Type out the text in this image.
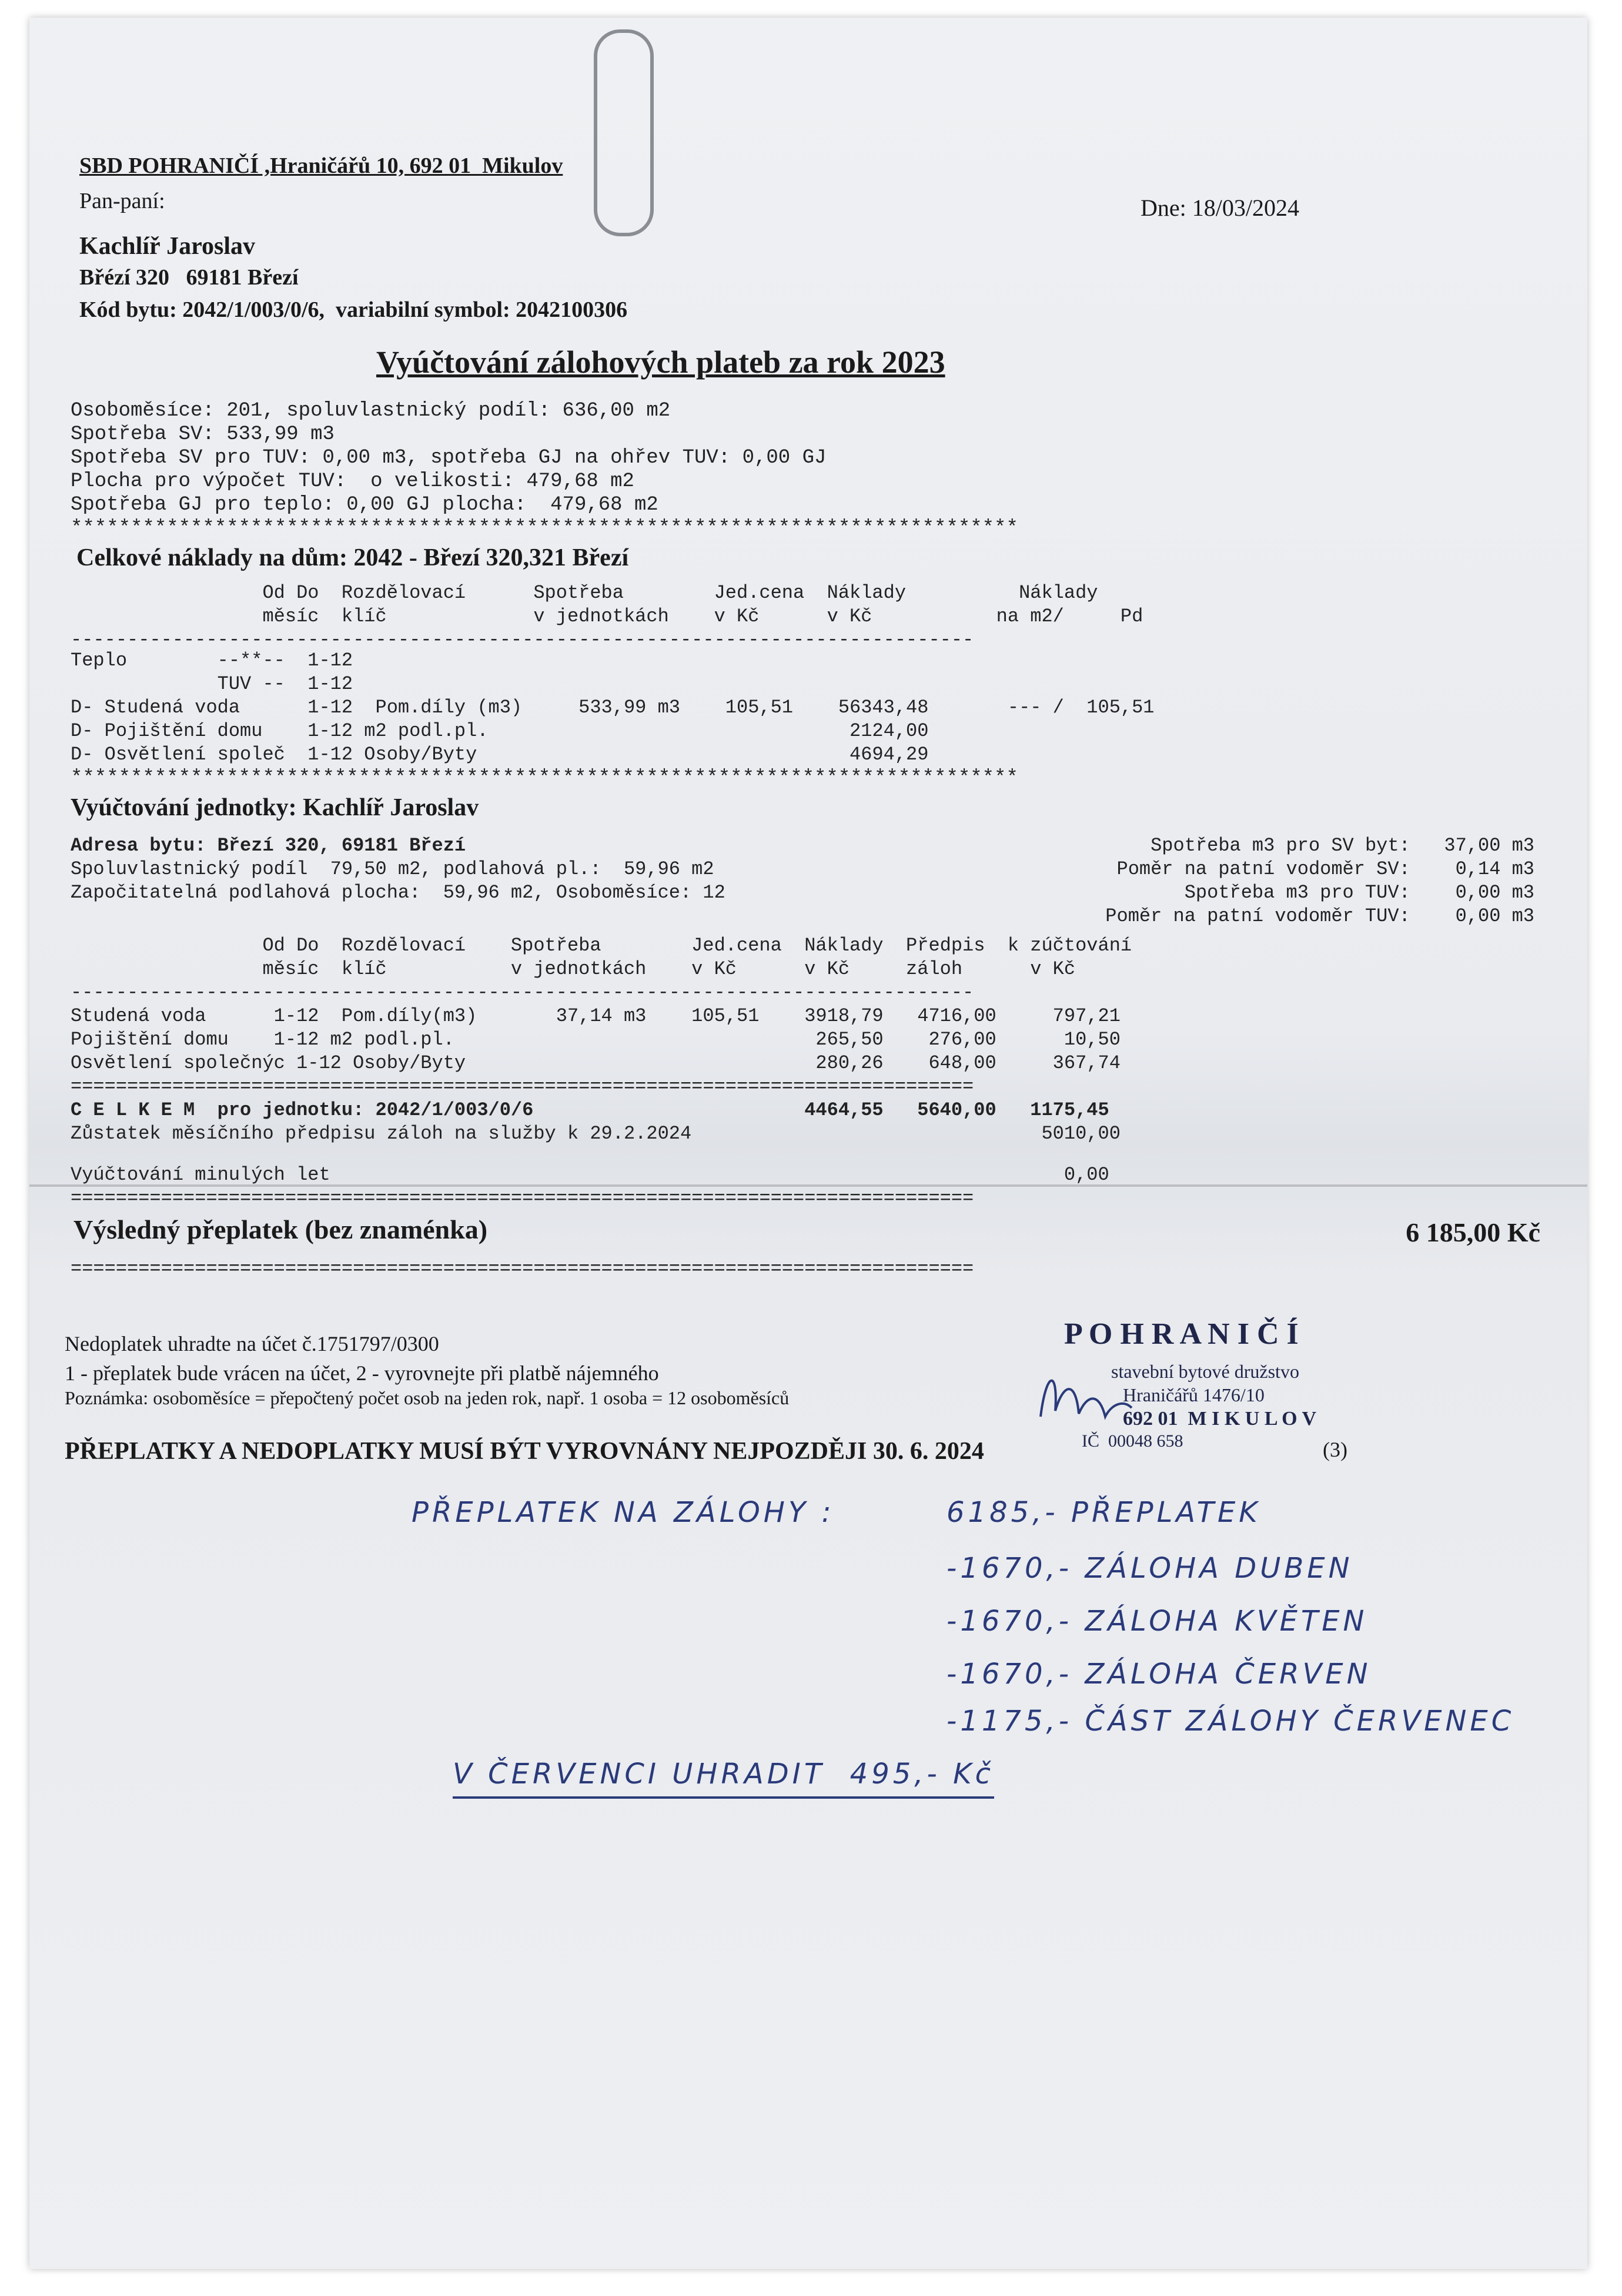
SBD POHRANIČÍ ,Hraničářů 10, 692 01  Mikulov
Pan-paní:
Kachlíř Jaroslav
Břézí 320   69181 Březí
Kód bytu: 2042/1/003/0/6,  variabilní symbol: 2042100306
Dne: 18/03/2024
Vyúčtování zálohových plateb za rok 2023
Osoboměsíce: 201, spoluvlastnický podíl: 636,00 m2
Spotřeba SV: 533,99 m3
Spotřeba SV pro TUV: 0,00 m3, spotřeba GJ na ohřev TUV: 0,00 GJ
Plocha pro výpočet TUV:  o velikosti: 479,68 m2
Spotřeba GJ pro teplo: 0,00 GJ plocha:  479,68 m2
*******************************************************************************
Celkové náklady na dům: 2042 - Březí 320,321 Březí
Od Do  Rozdělovací      Spotřeba        Jed.cena  Náklady          Náklady
měsíc  klíč             v jednotkách    v Kč      v Kč           na m2/     Pd
--------------------------------------------------------------------------------
Teplo        --**--  1-12
TUV --  1-12
D- Studená voda      1-12  Pom.díly (m3)     533,99 m3    105,51    56343,48       --- /  105,51
D- Pojištění domu    1-12 m2 podl.pl.                                2124,00
D- Osvětlení společ  1-12 Osoby/Byty                                 4694,29
*******************************************************************************
Vyúčtování jednotky: Kachlíř Jaroslav
Adresa bytu: Březí 320, 69181 Březí
Spoluvlastnický podíl  79,50 m2, podlahová pl.:  59,96 m2
Započitatelná podlahová plocha:  59,96 m2, Osoboměsíce: 12
Spotřeba m3 pro SV byt:   37,00 m3
Poměr na patní vodoměr SV:    0,14 m3
Spotřeba m3 pro TUV:    0,00 m3
Poměr na patní vodoměr TUV:    0,00 m3
Od Do  Rozdělovací    Spotřeba        Jed.cena  Náklady  Předpis  k zúčtování
měsíc  klíč           v jednotkách    v Kč      v Kč     záloh      v Kč
--------------------------------------------------------------------------------
Studená voda      1-12  Pom.díly(m3)       37,14 m3    105,51    3918,79   4716,00     797,21
Pojištění domu    1-12 m2 podl.pl.                                265,50    276,00      10,50
Osvětlení společnýc 1-12 Osoby/Byty                               280,26    648,00     367,74
================================================================================
C E L K E M  pro jednotku: 2042/1/003/0/6                        4464,55   5640,00   1175,45
Zůstatek měsíčního předpisu záloh na služby k 29.2.2024                               5010,00
Vyúčtování minulých let                                                                 0,00
================================================================================
Výsledný přeplatek (bez znaménka)	6 185,00 Kč
================================================================================
Nedoplatek uhradte na účet č.1751797/0300
1 - přeplatek bude vrácen na účet, 2 - vyrovnejte při platbě nájemného
Poznámka: osoboměsíce = přepočtený počet osob na jeden rok, např. 1 osoba = 12 osoboměsíců
PŘEPLATKY A NEDOPLATKY MUSÍ BÝT VYROVNÁNY NEJPOZDĚJI 30. 6. 2024	(3)
P O H R A N I Č Í
stavební bytové družstvo
Hraničářů 1476/10
692 01  M I K U L O V
IČ  00048 658
PŘEPLATEK NA ZÁLOHY :	6185,- PŘEPLATEK
-1670,- ZÁLOHA DUBEN
-1670,- ZÁLOHA KVĚTEN
-1670,- ZÁLOHA ČERVEN
-1175,- ČÁST ZÁLOHY ČERVENEC
V ČERVENCI UHRADIT  495,- Kč
